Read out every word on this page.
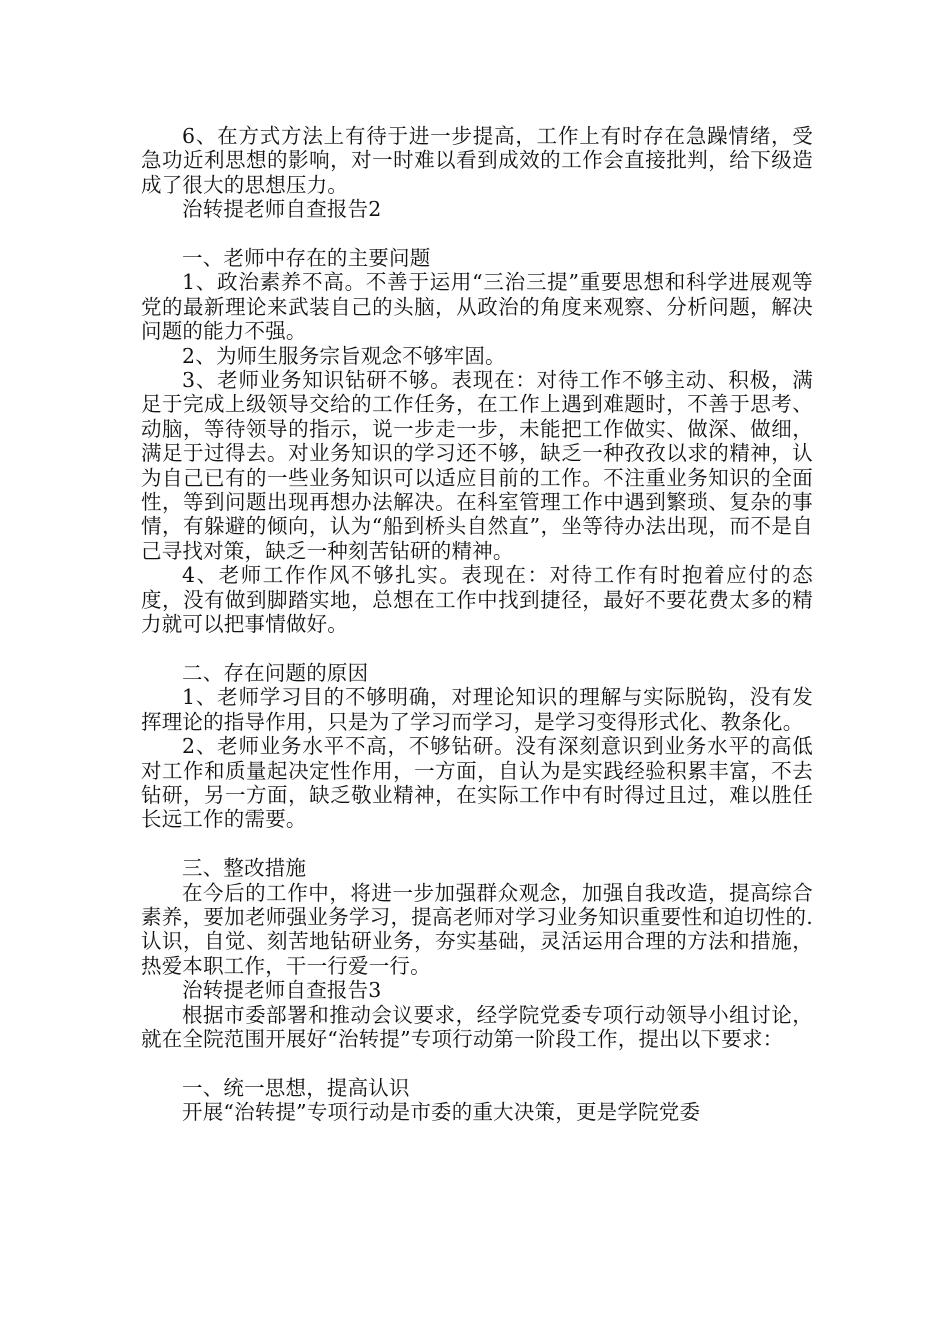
6、在方式方法上有待于进一步提高，工作上有时存在急躁情绪，受急功近利思想的影响，对一时难以看到成效的工作会直接批判，给下级造成了很大的思想压力。

治转提老师自查报告2

一、老师中存在的主要问题

1、政治素养不高。不善于运用“三治三提”重要思想和科学进展观等党的最新理论来武装自己的头脑，从政治的角度来观察、分析问题，解决问题的能力不强。

2、为师生服务宗旨观念不够牢固。

3、老师业务知识钻研不够。表现在：对待工作不够主动、积极，满足于完成上级领导交给的工作任务，在工作上遇到难题时，不善于思考、动脑，等待领导的指示，说一步走一步，未能把工作做实、做深、做细，满足于过得去。对业务知识的学习还不够，缺乏一种孜孜以求的精神，认为自己已有的一些业务知识可以适应目前的工作。不注重业务知识的全面性，等到问题出现再想办法解决。在科室管理工作中遇到繁琐、复杂的事情，有躲避的倾向，认为“船到桥头自然直”，坐等待办法出现，而不是自己寻找对策，缺乏一种刻苦钻研的精神。

4、老师工作作风不够扎实。表现在：对待工作有时抱着应付的态度，没有做到脚踏实地，总想在工作中找到捷径，最好不要花费太多的精力就可以把事情做好。

二、存在问题的原因

1、老师学习目的不够明确，对理论知识的理解与实际脱钩，没有发挥理论的指导作用，只是为了学习而学习，是学习变得形式化、教条化。

2、老师业务水平不高，不够钻研。没有深刻意识到业务水平的高低对工作和质量起决定性作用，一方面，自认为是实践经验积累丰富，不去钻研，另一方面，缺乏敬业精神，在实际工作中有时得过且过，难以胜任长远工作的需要。

三、整改措施

在今后的工作中，将进一步加强群众观念，加强自我改造，提高综合素养，要加老师强业务学习，提高老师对学习业务知识重要性和迫切性的.认识，自觉、刻苦地钻研业务，夯实基础，灵活运用合理的方法和措施，热爱本职工作，干一行爱一行。

治转提老师自查报告3

根据市委部署和推动会议要求，经学院党委专项行动领导小组讨论，就在全院范围开展好“治转提”专项行动第一阶段工作，提出以下要求：

一、统一思想，提高认识

开展“治转提”专项行动是市委的重大决策，更是学院党委
